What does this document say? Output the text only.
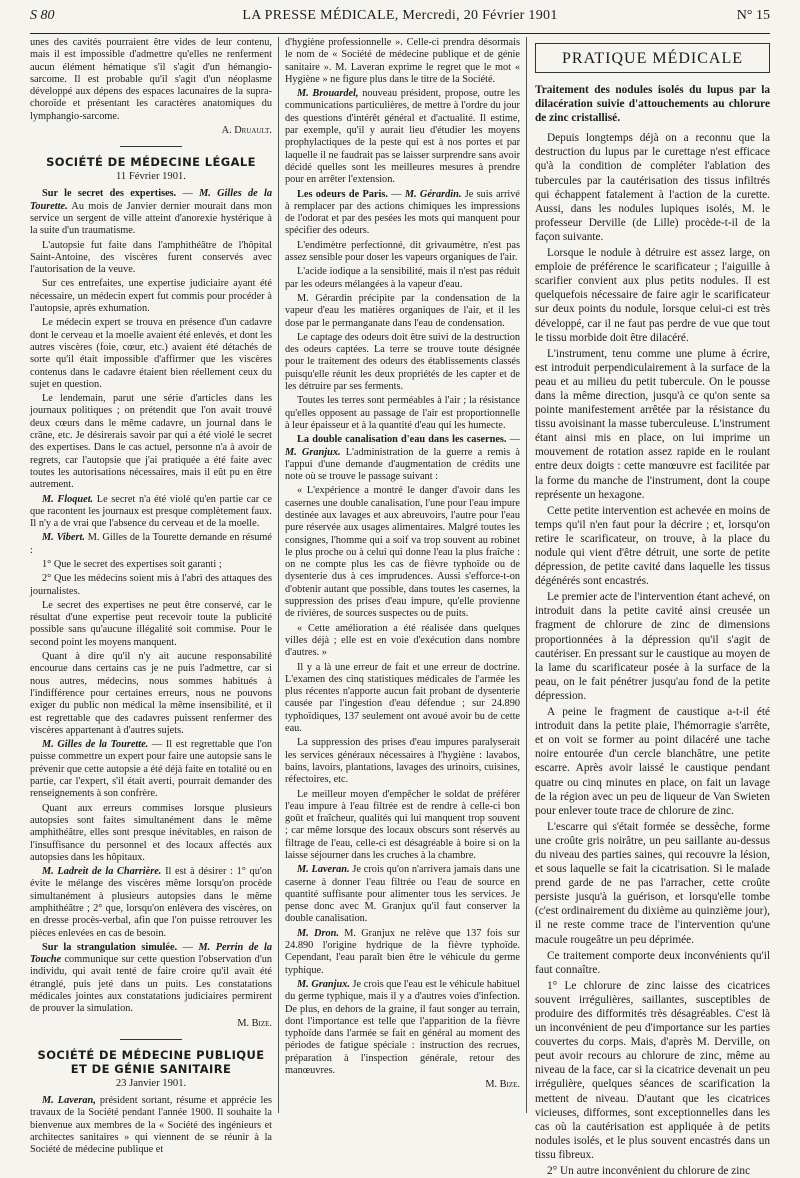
S 80	LA PRESSE MÉDICALE, Mercredi, 20 Février 1901	N° 15

unes des cavités pourraient être vides de leur contenu, mais il est impossible d'admettre qu'elles ne renferment aucun élément hématique s'il s'agit d'un hémangio-sarcome. Il est probable qu'il s'agit d'un néoplasme développé aux dépens des espaces lacunaires de la supra-choroïde et présentant les caractères anatomiques du lymphangio-sarcome.

A. Druault.

SOCIÉTÉ DE MÉDECINE LÉGALE
11 Février 1901.

Sur le secret des expertises. — M. Gilles de la Tourette. Au mois de Janvier dernier mourait dans mon service un sergent de ville atteint d'anorexie hystérique à la suite d'un traumatisme.

L'autopsie fut faite dans l'amphithéâtre de l'hôpital Saint-Antoine, des viscères furent conservés avec l'autorisation de la veuve.

Sur ces entrefaites, une expertise judiciaire ayant été nécessaire, un médecin expert fut commis pour procéder à l'autopsie, après exhumation.

Le médecin expert se trouva en présence d'un cadavre dont le cerveau et la moelle avaient été enlevés, et dont les autres viscères (foie, cœur, etc.) avaient été détachés de sorte qu'il était impossible d'affirmer que les viscères contenus dans le cadavre étaient bien réellement ceux du sujet en question.

Le lendemain, parut une série d'articles dans les journaux politiques ; on prétendit que l'on avait trouvé deux cœurs dans le même cadavre, un journal dans le crâne, etc. Je désirerais savoir par qui a été violé le secret des expertises. Dans le cas actuel, personne n'a à avoir de regrets, car l'autopsie que j'ai pratiquée a été faite avec toutes les autorisations nécessaires, mais il eût pu en être autrement.

M. Floquet. Le secret n'a été violé qu'en partie car ce que racontent les journaux est presque complètement faux. Il n'y a de vrai que l'absence du cerveau et de la moelle.

M. Vibert. M. Gilles de la Tourette demande en résumé :

1° Que le secret des expertises soit garanti ;

2° Que les médecins soient mis à l'abri des attaques des journalistes.

Le secret des expertises ne peut être conservé, car le résultat d'une expertise peut recevoir toute la publicité possible sans qu'aucune illégalité soit commise. Pour le second point les moyens manquent.

Quant à dire qu'il n'y ait aucune responsabilité encourue dans certains cas je ne puis l'admettre, car si nous autres, médecins, nous sommes habitués à l'indifférence pour certaines erreurs, nous ne pouvons exiger du public non médical la même insensibilité, et il est regrettable que des cadavres puissent renfermer des viscères appartenant à d'autres sujets.

M. Gilles de la Tourette. — Il est regrettable que l'on puisse commettre un expert pour faire une autopsie sans le prévenir que cette autopsie a été déjà faite en totalité ou en partie, car l'expert, s'il était averti, pourrait demander des renseignements à son confrère.

Quant aux erreurs commises lorsque plusieurs autopsies sont faites simultanément dans le même amphithéâtre, elles sont presque inévitables, en raison de l'insuffisance du personnel et des locaux affectés aux autopsies dans les hôpitaux.

M. Ladreit de la Charrière. Il est à désirer : 1° qu'on évite le mélange des viscères même lorsqu'on procède simultanément à plusieurs autopsies dans le même amphithéâtre ; 2° que, lorsqu'on enlèvera des viscères, on en dresse procès-verbal, afin que l'on puisse retrouver les pièces enlevées en cas de besoin.

Sur la strangulation simulée. — M. Perrin de la Touche communique sur cette question l'observation d'un individu, qui avait tenté de faire croire qu'il avait été étranglé, puis jeté dans un puits. Les constatations médicales jointes aux constatations judiciaires permirent de prouver la simulation.

M. Bize.

SOCIÉTÉ DE MÉDECINE PUBLIQUE
ET DE GÉNIE SANITAIRE
23 Janvier 1901.

M. Laveran, président sortant, résume et apprécie les travaux de la Société pendant l'année 1900. Il souhaite la bienvenue aux membres de la « Société des ingénieurs et architectes sanitaires » qui viennent de se réunir à la Société de médecine publique et

d'hygiène professionnelle ». Celle-ci prendra désormais le nom de « Société de médecine publique et de génie sanitaire ». M. Laveran exprime le regret que le mot « Hygiène » ne figure plus dans le titre de la Société.

M. Brouardel, nouveau président, propose, outre les communications particulières, de mettre à l'ordre du jour des questions d'intérêt général et d'actualité. Il estime, par exemple, qu'il y aurait lieu d'étudier les moyens prophylactiques de la peste qui est à nos portes et par laquelle il ne faudrait pas se laisser surprendre sans avoir décidé quelles sont les meilleures mesures à prendre pour en arrêter l'extension.

Les odeurs de Paris. — M. Gérardin. Je suis arrivé à remplacer par des actions chimiques les impressions de l'odorat et par des pesées les mots qui manquent pour spécifier des odeurs.

L'endimètre perfectionné, dit grivaumètre, n'est pas assez sensible pour doser les vapeurs organiques de l'air.

L'acide iodique a la sensibilité, mais il n'est pas réduit par les odeurs mélangées à la vapeur d'eau.

M. Gérardin précipite par la condensation de la vapeur d'eau les matières organiques de l'air, et il les dose par le permanganate dans l'eau de condensation.

Le captage des odeurs doit être suivi de la destruction des odeurs captées. La terre se trouve toute désignée pour le traitement des odeurs des établissements classés puisqu'elle réunit les deux propriétés de les capter et de les détruire par ses ferments.

Toutes les terres sont perméables à l'air ; la résistance qu'elles opposent au passage de l'air est proportionnelle à leur épaisseur et à la quantité d'eau qui les humecte.

La double canalisation d'eau dans les casernes. — M. Granjux. L'administration de la guerre a remis à l'appui d'une demande d'augmentation de crédits une note où se trouve le passage suivant :

« L'expérience a montré le danger d'avoir dans les casernes une double canalisation, l'une pour l'eau impure destinée aux lavages et aux abreuvoirs, l'autre pour l'eau pure réservée aux usages alimentaires. Malgré toutes les consignes, l'homme qui a soif va trop souvent au robinet le plus proche ou à celui qui donne l'eau la plus fraîche : on ne compte plus les cas de fièvre typhoïde ou de dysenterie dus à ces imprudences. Aussi s'efforce-t-on d'obtenir autant que possible, dans toutes les casernes, la suppression des prises d'eau impure, qu'elle provienne de rivières, de sources suspectes ou de puits.

« Cette amélioration a été réalisée dans quelques villes déjà ; elle est en voie d'exécution dans nombre d'autres. »

Il y a là une erreur de fait et une erreur de doctrine. L'examen des cinq statistiques médicales de l'armée les plus récentes n'apporte aucun fait probant de dysenterie causée par l'ingestion d'eau défendue ; sur 24.890 typhoïdiques, 137 seulement ont avoué avoir bu de cette eau.

La suppression des prises d'eau impures paralyserait les services généraux nécessaires à l'hygiène : lavabos, bains, lavoirs, plantations, lavages des urinoirs, cuisines, réfectoires, etc.

Le meilleur moyen d'empêcher le soldat de préférer l'eau impure à l'eau filtrée est de rendre à celle-ci bon goût et fraîcheur, qualités qui lui manquent trop souvent ; car même lorsque des locaux obscurs sont réservés au filtrage de l'eau, celle-ci est désagréable à boire si on la laisse séjourner dans les cruches à la chambre.

M. Laveran. Je crois qu'on n'arrivera jamais dans une caserne à donner l'eau filtrée ou l'eau de source en quantité suffisante pour alimenter tous les services. Je pense donc avec M. Granjux qu'il faut conserver la double canalisation.

M. Dron. M. Granjux ne relève que 137 fois sur 24.890 l'origine hydrique de la fièvre typhoïde. Cependant, l'eau paraît bien être le véhicule du germe typhique.

M. Granjux. Je crois que l'eau est le véhicule habituel du germe typhique, mais il y a d'autres voies d'infection. De plus, en dehors de la graine, il faut songer au terrain, dont l'importance est telle que l'apparition de la fièvre typhoïde dans l'armée se fait en général au moment des périodes de fatigue spéciale : instruction des recrues, préparation à l'inspection générale, retour des manœuvres.

M. Bize.

PRATIQUE MÉDICALE

Traitement des nodules isolés du lupus par la dilacération suivie d'attouchements au chlorure de zinc cristallisé.

Depuis longtemps déjà on a reconnu que la destruction du lupus par le curettage n'est efficace qu'à la condition de compléter l'ablation des tubercules par la cautérisation des tissus infiltrés qui échappent fatalement à l'action de la curette. Aussi, dans les nodules lupiques isolés, M. le professeur Derville (de Lille) procède-t-il de la façon suivante.

Lorsque le nodule à détruire est assez large, on emploie de préférence le scarificateur ; l'aiguille à scarifier convient aux plus petits nodules. Il est quelquefois nécessaire de faire agir le scarificateur sur deux points du nodule, lorsque celui-ci est très développé, car il ne faut pas perdre de vue que tout le tissu morbide doit être dilacéré.

L'instrument, tenu comme une plume à écrire, est introduit perpendiculairement à la surface de la peau et au milieu du petit tubercule. On le pousse dans la même direction, jusqu'à ce qu'on sente sa pointe manifestement arrêtée par la résistance du tissu avoisinant la masse tuberculeuse. L'instrument étant ainsi mis en place, on lui imprime un mouvement de rotation assez rapide en le roulant entre deux doigts : cette manœuvre est facilitée par la forme du manche de l'instrument, dont la coupe représente un hexagone.

Cette petite intervention est achevée en moins de temps qu'il n'en faut pour la décrire ; et, lorsqu'on retire le scarificateur, on trouve, à la place du nodule qui vient d'être détruit, une sorte de petite dépression, de petite cavité dans laquelle les tissus dégénérés sont encastrés.

Le premier acte de l'intervention étant achevé, on introduit dans la petite cavité ainsi creusée un fragment de chlorure de zinc de dimensions proportionnées à la dépression qu'il s'agit de cautériser. En pressant sur le caustique au moyen de la lame du scarificateur posée à la surface de la peau, on le fait pénétrer jusqu'au fond de la petite dépression.

A peine le fragment de caustique a-t-il été introduit dans la petite plaie, l'hémorragie s'arrête, et on voit se former au point dilacéré une tache noire entourée d'un cercle blanchâtre, une petite escarre. Après avoir laissé le caustique pendant quatre ou cinq minutes en place, on fait un lavage de la région avec un peu de liqueur de Van Swieten pour enlever toute trace de chlorure de zinc.

L'escarre qui s'était formée se dessèche, forme une croûte gris noirâtre, un peu saillante au-dessus du niveau des parties saines, qui recouvre la lésion, et sous laquelle se fait la cicatrisation. Si le malade prend garde de ne pas l'arracher, cette croûte persiste jusqu'à la guérison, et lorsqu'elle tombe (c'est ordinairement du dixième au quinzième jour), il ne reste comme trace de l'intervention qu'une macule rougeâtre un peu déprimée.

Ce traitement comporte deux inconvénients qu'il faut connaître.

1° Le chlorure de zinc laisse des cicatrices souvent irrégulières, saillantes, susceptibles de produire des difformités très désagréables. C'est là un inconvénient de peu d'importance sur les parties couvertes du corps. Mais, d'après M. Derville, on peut avoir recours au chlorure de zinc, même au niveau de la face, car si la cicatrice devenait un peu irrégulière, quelques séances de scarification la mettent de niveau. D'autant que les cicatrices vicieuses, difformes, sont exceptionnelles dans les cas où la cautérisation est appliquée à de petits nodules isolés, et le plus souvent encastrés dans un tissu fibreux.

2° Un autre inconvénient du chlorure de zinc
